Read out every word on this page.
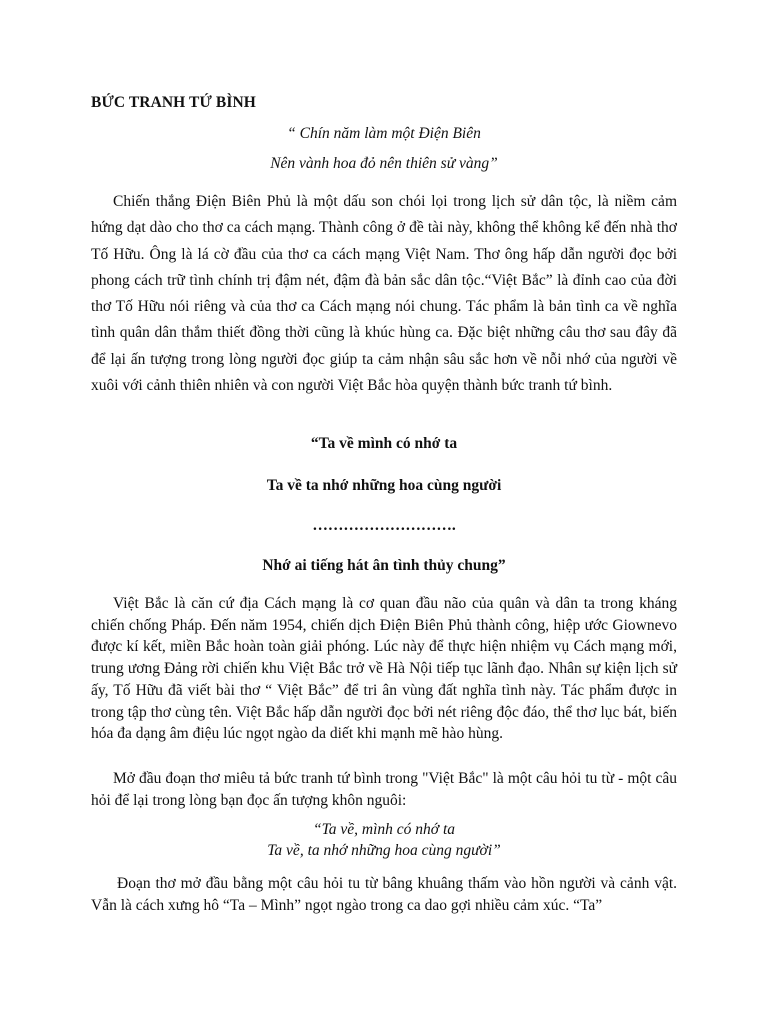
BỨC TRANH TỨ BÌNH
“ Chín năm làm một Điện Biên
Nên vành hoa đỏ nên thiên sử vàng”

Chiến thắng Điện Biên Phủ là một dấu son chói lọi trong lịch sử dân tộc, là niềm cảm hứng dạt dào cho thơ ca cách mạng. Thành công ở đề tài này, không thể không kể đến nhà thơ Tố Hữu. Ông là lá cờ đầu của thơ ca cách mạng Việt Nam. Thơ ông hấp dẫn người đọc bởi phong cách trữ tình chính trị đậm nét, đậm đà bản sắc dân tộc.“Việt Bắc” là đỉnh cao của đời thơ Tố Hữu nói riêng và của thơ ca Cách mạng nói chung. Tác phẩm là bản tình ca về nghĩa tình quân dân thắm thiết đồng thời cũng là khúc hùng ca. Đặc biệt những câu thơ sau đây đã để lại ấn tượng trong lòng người đọc giúp ta cảm nhận sâu sắc hơn về nỗi nhớ của người về xuôi với cảnh thiên nhiên và con người Việt Bắc hòa quyện thành bức tranh tứ bình.

“Ta về mình có nhớ ta
Ta về ta nhớ những hoa cùng người
……………………….
Nhớ ai tiếng hát ân tình thủy chung”

Việt Bắc là căn cứ địa Cách mạng là cơ quan đầu não của quân và dân ta trong kháng chiến chống Pháp. Đến năm 1954, chiến dịch Điện Biên Phủ thành công, hiệp ước Giownevo được kí kết, miền Bắc hoàn toàn giải phóng. Lúc này để thực hiện nhiệm vụ Cách mạng mới, trung ương Đảng rời chiến khu Việt Bắc trở về Hà Nội tiếp tục lãnh đạo. Nhân sự kiện lịch sử ấy, Tố Hữu đã viết bài thơ “ Việt Bắc” để tri ân vùng đất nghĩa tình này. Tác phẩm được in trong tập thơ cùng tên. Việt Bắc hấp dẫn người đọc bởi nét riêng độc đáo, thể thơ lục bát, biến hóa đa dạng âm điệu lúc ngọt ngào da diết khi mạnh mẽ hào hùng.

Mở đầu đoạn thơ miêu tả bức tranh tứ bình trong "Việt Bắc" là một câu hỏi tu từ - một câu hỏi để lại trong lòng bạn đọc ấn tượng khôn nguôi:

“Ta về, mình có nhớ ta
Ta về, ta nhớ những hoa cùng người”

Đoạn thơ mở đầu bằng một câu hỏi tu từ bâng khuâng thấm vào hồn người và cảnh vật. Vẫn là cách xưng hô “Ta – Mình” ngọt ngào trong ca dao gợi nhiều cảm xúc. “Ta”
